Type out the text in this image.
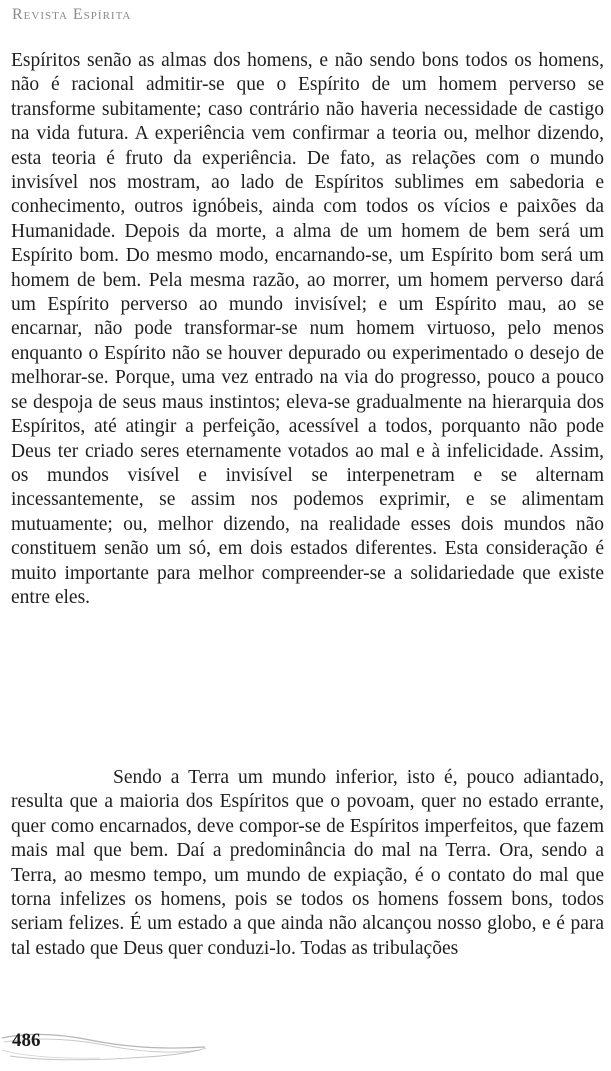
Revista Espírita

Espíritos senão as almas dos homens, e não sendo bons todos os homens, não é racional admitir-se que o Espírito de um homem perverso se transforme subitamente; caso contrário não haveria necessidade de castigo na vida futura. A experiência vem confirmar a teoria ou, melhor dizendo, esta teoria é fruto da experiência. De fato, as relações com o mundo invisível nos mostram, ao lado de Espíritos sublimes em sabedoria e conhecimento, outros ignóbeis, ainda com todos os vícios e paixões da Humanidade. Depois da morte, a alma de um homem de bem será um Espírito bom. Do mesmo modo, encarnando-se, um Espírito bom será um homem de bem. Pela mesma razão, ao morrer, um homem perverso dará um Espírito perverso ao mundo invisível; e um Espírito mau, ao se encarnar, não pode transformar-se num homem virtuoso, pelo menos enquanto o Espírito não se houver depurado ou experimentado o desejo de melhorar-se. Porque, uma vez entrado na via do progresso, pouco a pouco se despoja de seus maus instintos; eleva-se gradualmente na hierarquia dos Espíritos, até atingir a perfeição, acessível a todos, porquanto não pode Deus ter criado seres eternamente votados ao mal e à infelicidade. Assim, os mundos visível e invisível se interpenetram e se alternam incessantemente, se assim nos podemos exprimir, e se alimentam mutuamente; ou, melhor dizendo, na realidade esses dois mundos não constituem senão um só, em dois estados diferentes. Esta consideração é muito importante para melhor compreender-se a solidariedade que existe entre eles.

Sendo a Terra um mundo inferior, isto é, pouco adiantado, resulta que a maioria dos Espíritos que o povoam, quer no estado errante, quer como encarnados, deve compor-se de Espíritos imperfeitos, que fazem mais mal que bem. Daí a predominância do mal na Terra. Ora, sendo a Terra, ao mesmo tempo, um mundo de expiação, é o contato do mal que torna infelizes os homens, pois se todos os homens fossem bons, todos seriam felizes. É um estado a que ainda não alcançou nosso globo, e é para tal estado que Deus quer conduzi-lo. Todas as tribulações

486
